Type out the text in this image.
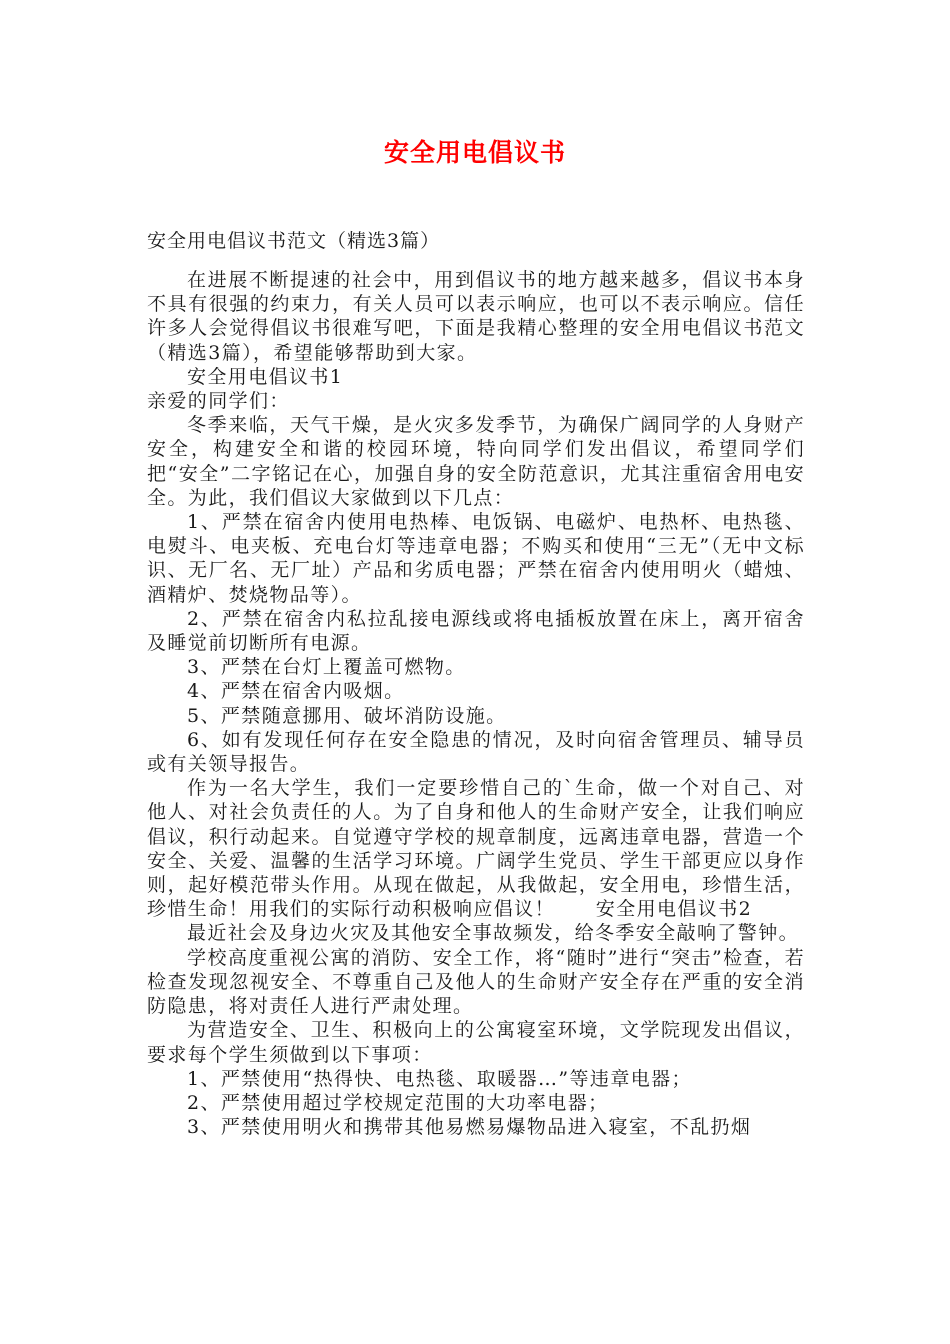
安全用电倡议书
安全用电倡议书范文（精选3篇）

在进展不断提速的社会中，用到倡议书的地方越来越多，倡议书本身不具有很强的约束力，有关人员可以表示响应，也可以不表示响应。信任许多人会觉得倡议书很难写吧，下面是我精心整理的安全用电倡议书范文（精选3篇），希望能够帮助到大家。

安全用电倡议书1

亲爱的同学们：

冬季来临，天气干燥，是火灾多发季节，为确保广阔同学的人身财产安全，构建安全和谐的校园环境，特向同学们发出倡议，希望同学们把“安全”二字铭记在心，加强自身的安全防范意识，尤其注重宿舍用电安全。为此，我们倡议大家做到以下几点：

1、严禁在宿舍内使用电热棒、电饭锅、电磁炉、电热杯、电热毯、电熨斗、电夹板、充电台灯等违章电器；不购买和使用“三无”（无中文标识、无厂名、无厂址）产品和劣质电器；严禁在宿舍内使用明火（蜡烛、酒精炉、焚烧物品等）。

2、严禁在宿舍内私拉乱接电源线或将电插板放置在床上，离开宿舍及睡觉前切断所有电源。

3、严禁在台灯上覆盖可燃物。

4、严禁在宿舍内吸烟。

5、严禁随意挪用、破坏消防设施。

6、如有发现任何存在安全隐患的情况，及时向宿舍管理员、辅导员或有关领导报告。

作为一名大学生，我们一定要珍惜自己的`生命，做一个对自己、对他人、对社会负责任的人。为了自身和他人的生命财产安全，让我们响应倡议，积行动起来。自觉遵守学校的规章制度，远离违章电器，营造一个安全、关爱、温馨的生活学习环境。广阔学生党员、学生干部更应以身作则，起好模范带头作用。从现在做起，从我做起，安全用电，珍惜生活，珍惜生命！用我们的实际行动积极响应倡议！　　安全用电倡议书2

最近社会及身边火灾及其他安全事故频发，给冬季安全敲响了警钟。

学校高度重视公寓的消防、安全工作，将“随时”进行“突击”检查，若检查发现忽视安全、不尊重自己及他人的生命财产安全存在严重的安全消防隐患，将对责任人进行严肃处理。

为营造安全、卫生、积极向上的公寓寝室环境，文学院现发出倡议，要求每个学生须做到以下事项：

1、严禁使用“热得快、电热毯、取暖器…”等违章电器；

2、严禁使用超过学校规定范围的大功率电器；

3、严禁使用明火和携带其他易燃易爆物品进入寝室，不乱扔烟
